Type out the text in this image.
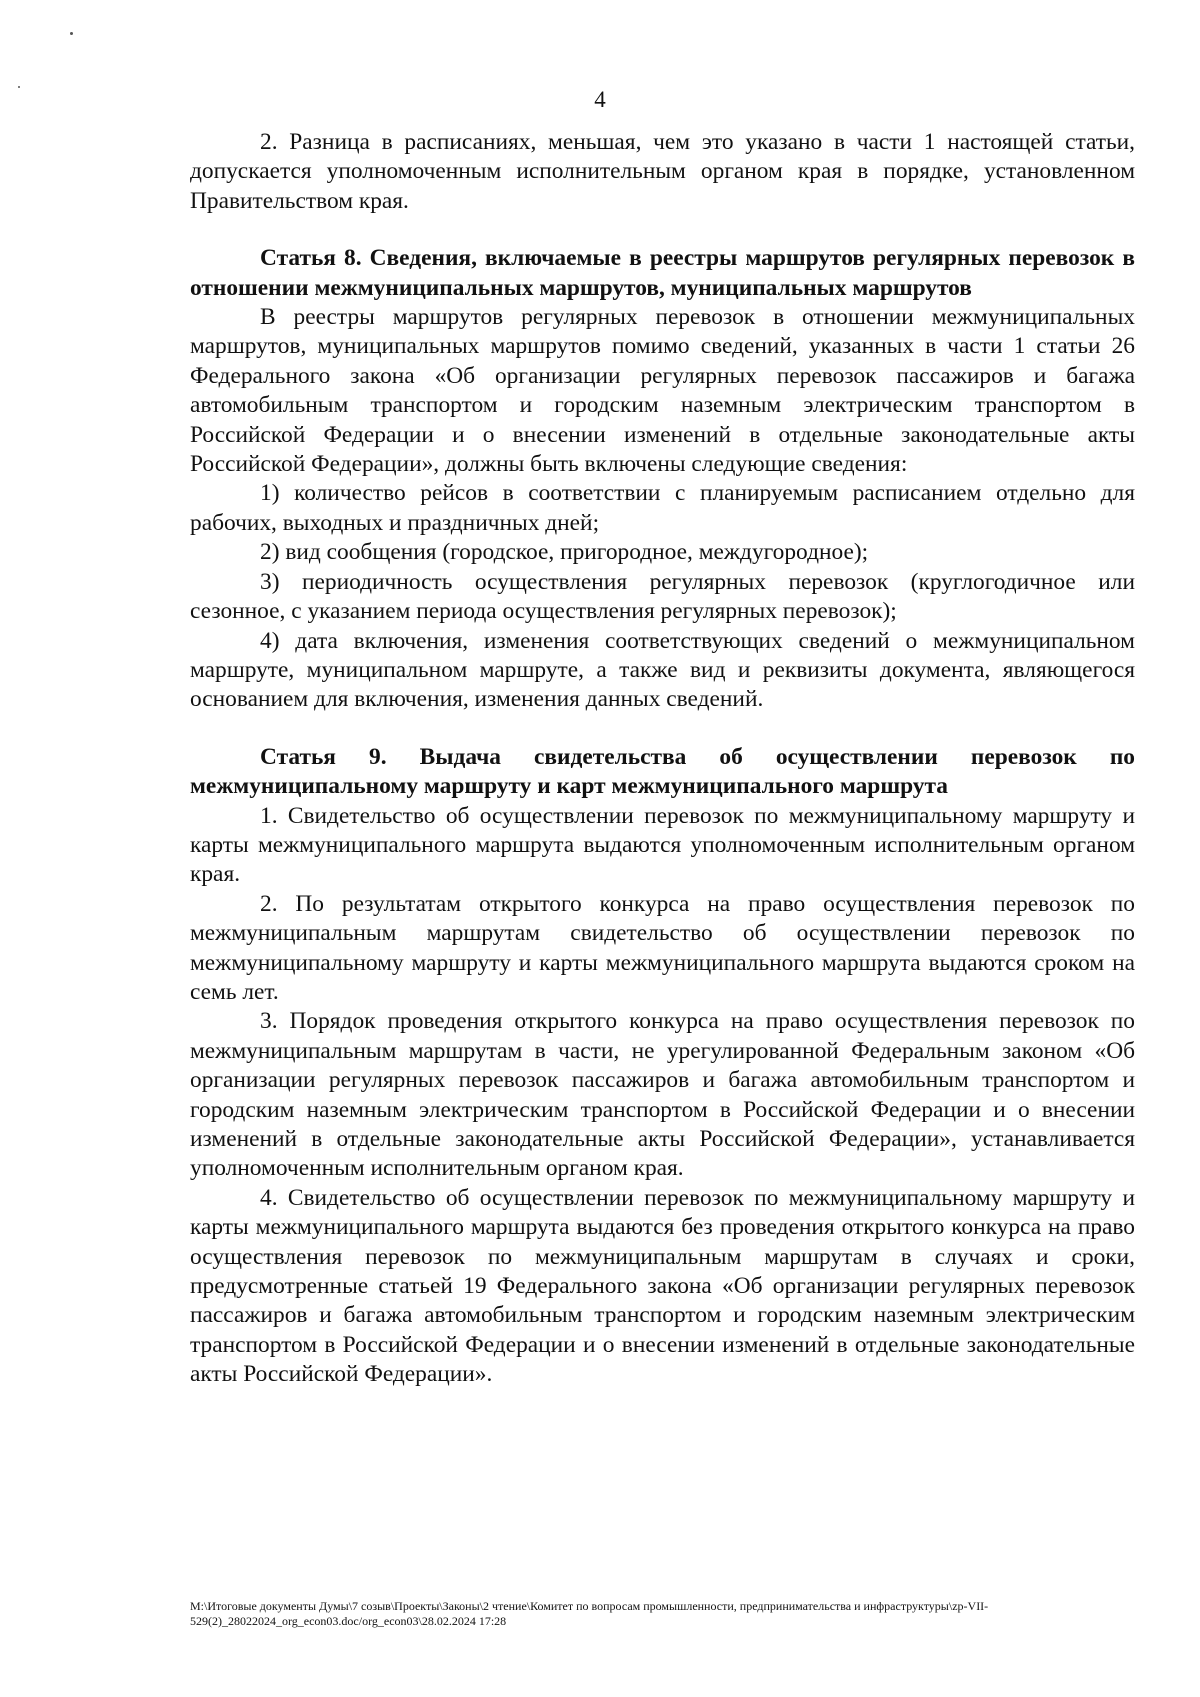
4

2. Разница в расписаниях, меньшая, чем это указано в части 1 настоящей статьи, допускается уполномоченным исполнительным органом края в порядке, установленном Правительством края.

Статья 8. Сведения, включаемые в реестры маршрутов регулярных перевозок в отношении межмуниципальных маршрутов, муниципальных маршрутов

В реестры маршрутов регулярных перевозок в отношении межмуниципальных маршрутов, муниципальных маршрутов помимо сведений, указанных в части 1 статьи 26 Федерального закона «Об организации регулярных перевозок пассажиров и багажа автомобильным транспортом и городским наземным электрическим транспортом в Российской Федерации и о внесении изменений в отдельные законодательные акты Российской Федерации», должны быть включены следующие сведения:

1) количество рейсов в соответствии с планируемым расписанием отдельно для рабочих, выходных и праздничных дней;

2) вид сообщения (городское, пригородное, междугородное);

3) периодичность осуществления регулярных перевозок (круглогодичное или сезонное, с указанием периода осуществления регулярных перевозок);

4) дата включения, изменения соответствующих сведений о межмуниципальном маршруте, муниципальном маршруте, а также вид и реквизиты документа, являющегося основанием для включения, изменения данных сведений.

Статья 9. Выдача свидетельства об осуществлении перевозок по межмуниципальному маршруту и карт межмуниципального маршрута

1. Свидетельство об осуществлении перевозок по межмуниципальному маршруту и карты межмуниципального маршрута выдаются уполномоченным исполнительным органом края.

2. По результатам открытого конкурса на право осуществления перевозок по межмуниципальным маршрутам свидетельство об осуществлении перевозок по межмуниципальному маршруту и карты межмуниципального маршрута выдаются сроком на семь лет.

3. Порядок проведения открытого конкурса на право осуществления перевозок по межмуниципальным маршрутам в части, не урегулированной Федеральным законом «Об организации регулярных перевозок пассажиров и багажа автомобильным транспортом и городским наземным электрическим транспортом в Российской Федерации и о внесении изменений в отдельные законодательные акты Российской Федерации», устанавливается уполномоченным исполнительным органом края.

4. Свидетельство об осуществлении перевозок по межмуниципальному маршруту и карты межмуниципального маршрута выдаются без проведения открытого конкурса на право осуществления перевозок по межмуниципальным маршрутам в случаях и сроки, предусмотренные статьей 19 Федерального закона «Об организации регулярных перевозок пассажиров и багажа автомобильным транспортом и городским наземным электрическим транспортом в Российской Федерации и о внесении изменений в отдельные законодательные акты Российской Федерации».

M:\Итоговые документы Думы\7 созыв\Проекты\Законы\2 чтение\Комитет по вопросам промышленности, предпринимательства и инфраструктуры\zp-VII-529(2)_28022024_org_econ03.doc/org_econ03\28.02.2024 17:28
